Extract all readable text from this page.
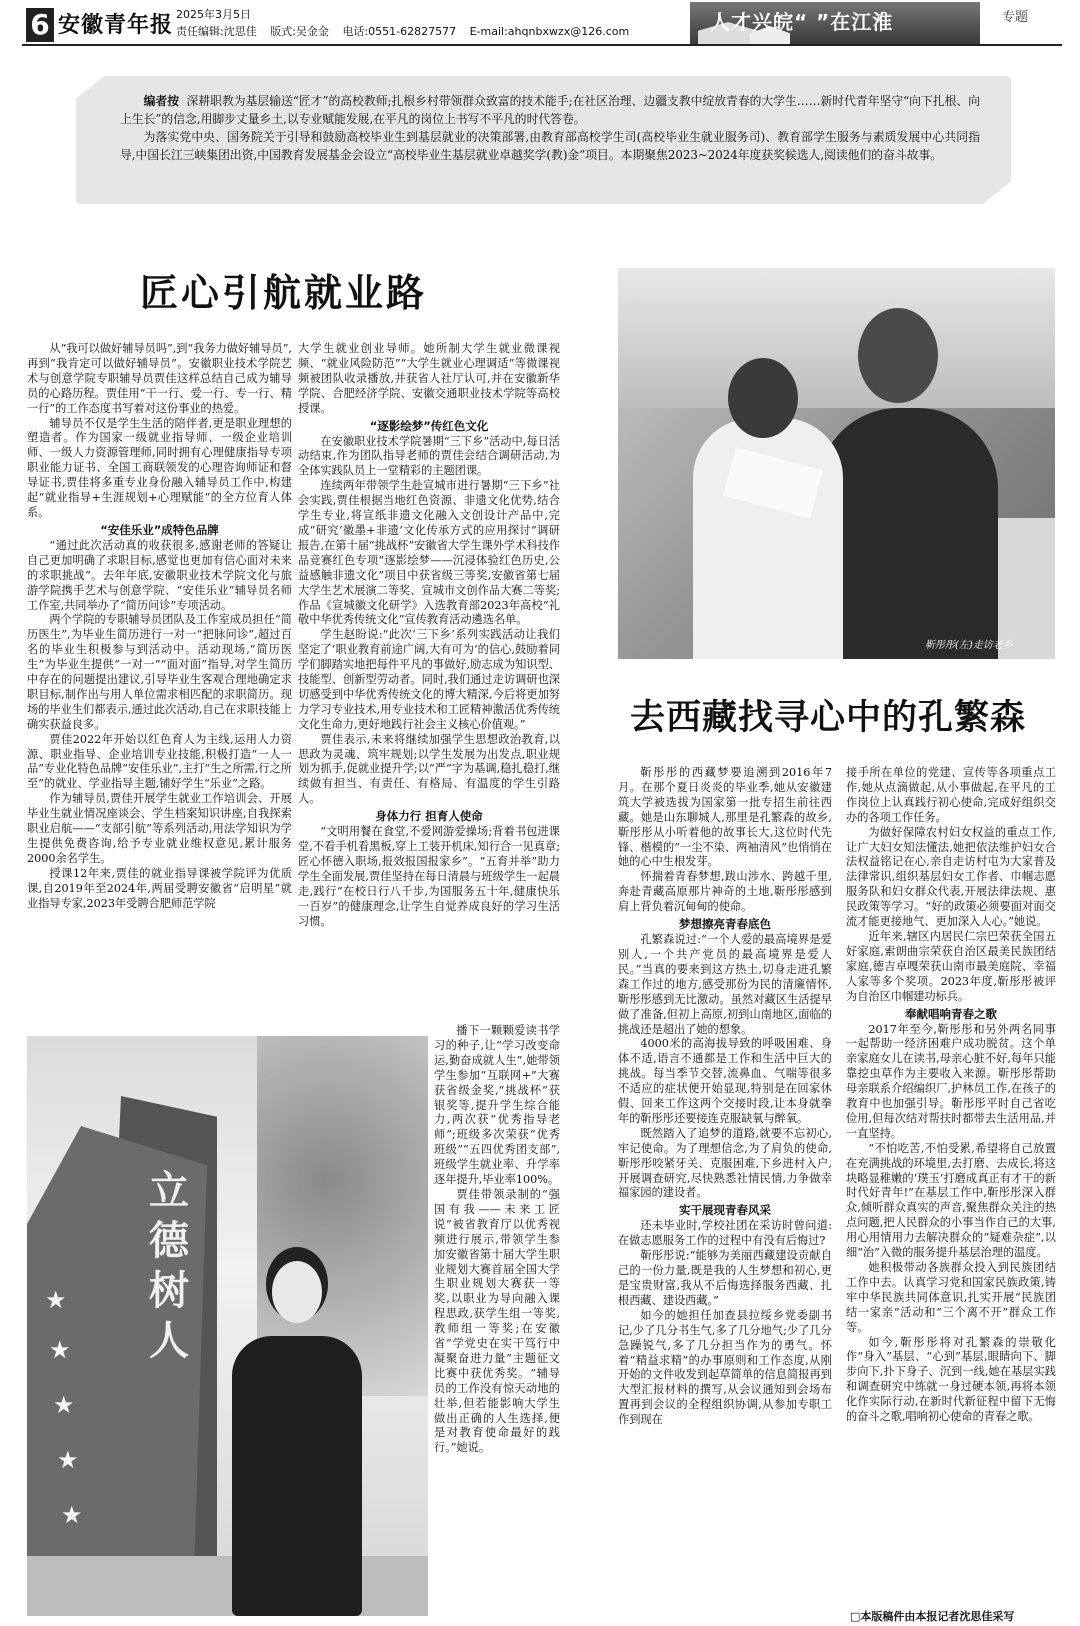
6 安徽青年报 2025年3月5日
责任编辑:沈思佳 版式:吴金金 电话:0551-62827577 E-mail:ahqnbxwzx@126.com	人才兴皖“ ”在江淮	专题

编者按 深耕职教为基层输送“匠才”的高校教师;扎根乡村带领群众致富的技术能手;在社区治理、边疆支教中绽放青春的大学生……新时代青年坚守“向下扎根、向上生长”的信念,用脚步丈量乡土,以专业赋能发展,在平凡的岗位上书写不平凡的时代答卷。

为落实党中央、国务院关于引导和鼓励高校毕业生到基层就业的决策部署,由教育部高校学生司(高校毕业生就业服务司)、教育部学生服务与素质发展中心共同指导,中国长江三峡集团出资,中国教育发展基金会设立“高校毕业生基层就业卓越奖学(教)金”项目。本期聚焦2023~2024年度获奖候选人,阅读他们的奋斗故事。

匠心引航就业路

从“我可以做好辅导员吗”,到“我务力做好辅导员”,再到“我肯定可以做好辅导员”。安徽职业技术学院艺术与创意学院专职辅导员贾佳这样总结自己成为辅导员的心路历程。贾佳用“干一行、爱一行、专一行、精一行”的工作态度书写着对这份事业的热爱。

辅导员不仅是学生生活的陪伴者,更是职业理想的塑造者。作为国家一级就业指导师、一级企业培训师、一级人力资源管理师,同时拥有心理健康指导专项职业能力证书、全国工商联领发的心理咨询师证和督导证书,贾佳将多重专业身份融入辅导员工作中,构建起“就业指导+生涯规划+心理赋能”的全方位育人体系。

“安佳乐业”成特色品牌

“通过此次活动真的收获很多,感谢老师的答疑让自己更加明确了求职目标,感觉也更加有信心面对未来的求职挑战”。去年年底,安徽职业技术学院文化与旅游学院携手艺术与创意学院、“安佳乐业”辅导员名师工作室,共同举办了“简历问诊”专项活动。

两个学院的专职辅导员团队及工作室成员担任“简历医生”,为毕业生简历进行一对一“把脉问诊”,超过百名的毕业生积极参与到活动中。活动现场,“简历医生”为毕业生提供“一对一”“面对面”指导,对学生简历中存在的问题提出建议,引导毕业生客观合理地确定求职目标,制作出与用人单位需求相匹配的求职简历。现场的毕业生们都表示,通过此次活动,自己在求职技能上确实获益良多。

贾佳2022年开始以红色育人为主线,运用人力资源、职业指导、企业培训专业技能,积极打造“一人一品”专业化特色品牌“安佳乐业”,主打“生之所需,行之所至”的就业、学业指导主题,铺好学生“乐业”之路。

作为辅导员,贾佳开展学生就业工作培训会、开展毕业生就业情况座谈会、学生档案知识讲座,自我探索职业启航——“支部引航”等系列活动,用法学知识为学生提供免费咨询,给予专业就业维权意见,累计服务2000余名学生。

授课12年来,贾佳的就业指导课被学院评为优质课,自2019年至2024年,两届受聘安徽省“启明星”就业指导专家,2023年受聘合肥师范学院

大学生就业创业导师。她所制大学生就业微课视频、“就业风险防范”“大学生就业心理调适”等微课视频被团队收录播放,并获省人社厅认可,并在安徽新华学院、合肥经济学院、安徽交通职业技术学院等高校授课。

“逐影绘梦”传红色文化

在安徽职业技术学院暑期“三下乡”活动中,每日活动结束,作为团队指导老师的贾佳会结合调研活动,为全体实践队员上一堂精彩的主题团课。

连续两年带领学生赴宣城市进行暑期“三下乡”社会实践,贾佳根据当地红色资源、非遗文化优势,结合学生专业,将宣纸非遗文化融入文创设计产品中,完成“研究‘徽墨+非遗’文化传承方式的应用探讨”调研报告,在第十届“挑战杯”安徽省大学生课外学术科技作品竞赛红色专项“逐影绘梦——沉浸体验红色历史,公益感触非遗文化”项目中获省级三等奖,安徽省第七届大学生艺术展演二等奖、宣城市文创作品大赛二等奖;作品《宣城徽文化研学》入选教育部2023年高校“礼敬中华优秀传统文化”宣传教育活动遴选名单。

学生赵盼说:“此次‘三下乡’系列实践活动让我们坚定了‘职业教育前途广阔,大有可为’的信心,鼓励着同学们脚踏实地把每件平凡的事做好,励志成为知识型、技能型、创新型劳动者。同时,我们通过走访调研也深切感受到中华优秀传统文化的博大精深,今后将更加努力学习专业技术,用专业技术和工匠精神激活优秀传统文化生命力,更好地践行社会主义核心价值观。”

贾佳表示,未来将继续加强学生思想政治教育,以思政为灵魂、筑牢规划;以学生发展为出发点,职业规划为抓手,促就业提升学;以“严”字为基调,稳扎稳打,继续做有担当、有责任、有格局、有温度的学生引路人。

身体力行 担育人使命

“文明用餐在食堂,不爱网游爱操场;背着书包进课堂,不看手机看黑板,穿上工装开机床,知行合一见真章;匠心怀德入职场,报效报国报家乡”。“五育并举”助力学生全面发展,贾佳坚持在每日清晨与班级学生一起晨走,践行“在校日行八千步,为国服务五十年,健康快乐一百岁”的健康理念,让学生自觉养成良好的学习生活习惯。

播下一颗颗爱读书学习的种子,让“学习改变命运,勤奋成就人生”,她带领学生参加“互联网+”大赛获省级金奖,“挑战杯”获银奖等,提升学生综合能力,两次获“优秀指导老师”;班级多次荣获“优秀班级”“五四优秀团支部”,班级学生就业率、升学率逐年提升,毕业率100%。

贾佳带领录制的“强国有我——未来工匠说”被省教育厅以优秀视频进行展示,带领学生参加安徽省第十届大学生职业规划大赛首届全国大学生职业规划大赛获一等奖,以职业为导向融入课程思政,获学生组一等奖,教师组一等奖;在安徽省“学党史在实干笃行中凝聚奋进力量”主题征文比赛中获优秀奖。“辅导员的工作没有惊天动地的壮举,但若能影响大学生做出正确的人生选择,便是对教育使命最好的践行。”她说。

立德树人
★
★
★
★
★
靳彤彤(左)走访老乡
去西藏找寻心中的孔繁森

靳彤彤的西藏梦要追溯到2016年7月。在那个夏日炎炎的毕业季,她从安徽建筑大学被选拔为国家第一批专招生前往西藏。她是山东聊城人,那里是孔繁森的故乡,靳彤彤从小听着他的故事长大,这位时代先锋、楷模的“一尘不染、两袖清风”也悄悄在她的心中生根发芽。

怀揣着青春梦想,跋山涉水、跨越千里,奔赴青藏高原那片神奇的土地,靳彤彤感到肩上背负着沉甸甸的使命。

梦想擦亮青春底色

孔繁森说过:“一个人爱的最高境界是爱别人,一个共产党员的最高境界是爱人民。”当真的要来到这方热土,切身走进孔繁森工作过的地方,感受那份为民的清廉情怀,靳彤彤感到无比激动。虽然对藏区生活提早做了准备,但初上高原,初到山南地区,面临的挑战还是超出了她的想象。

4000米的高海拔导致的呼吸困难、身体不适,语言不通都是工作和生活中巨大的挑战。每当季节交替,流鼻血、气喘等很多不适应的症状便开始显现,特别是在回家休假、回来工作这两个交接时段,让本身就拳年的靳彤彤还要接连克服缺氧与醉氧。

既然踏入了追梦的道路,就要不忘初心,牢记使命。为了理想信念,为了肩负的使命,靳彤彤咬紧牙关、克服困难,下乡进村入户,开展调查研究,尽快熟悉社情民情,力争做幸福家园的建设者。

实干展现青春风采

还未毕业时,学校社团在采访时曾问道:在做志愿服务工作的过程中有没有后悔过?

靳彤彤说:“能够为美丽西藏建设贡献自己的一份力量,既是我的人生梦想和初心,更是宝贵财富,我从不后悔选择服务西藏、扎根西藏、建设西藏。”

如今的她担任加查县拉绥乡党委副书记,少了几分书生气,多了几分地气;少了几分急躁锐气,多了几分担当作为的勇气。怀着“精益求精”的办事原则和工作态度,从刚开始的文件收发到起草简单的信息简报再到大型汇报材料的撰写,从会议通知到会场布置再到会议的全程组织协调,从参加专职工作到现在

接手所在单位的党建、宣传等各项重点工作,她从点滴做起,从小事做起,在平凡的工作岗位上认真践行初心使命,完成好组织交办的各项工作任务。

为做好保障农村妇女权益的重点工作,让广大妇女知法懂法,她把依法维护妇女合法权益铭记在心,亲自走访村屯为大家普及法律常识,组织基层妇女工作者、巾帼志愿服务队和妇女群众代表,开展法律法规、惠民政策等学习。“好的政策必须要面对面交流才能更接地气、更加深入人心。”她说。

近年来,辖区内居民仁宗巴荣获全国五好家庭,索朗曲宗荣获自治区最美民族团结家庭,德吉卓嘎荣获山南市最美庭院、幸福人家等多个奖项。2023年度,靳彤彤被评为自治区巾帼建功标兵。

奉献唱响青春之歌

2017年至今,靳彤彤和另外两名同事一起帮助一经济困难户成功脱贫。这个单亲家庭女儿在读书,母亲心脏不好,每年只能靠挖虫草作为主要收入来源。靳彤彤帮助母亲联系介绍编织厂,护林员工作,在孩子的教育中也加强引导。靳彤彤平时自己省吃俭用,但每次结对帮扶时都带去生活用品,并一直坚持。

“不怕吃苦,不怕受累,希望将自己放置在充满挑战的环境里,去打磨、去成长,将这块略显稚嫩的‘璞玉’打磨成真正有才干的新时代好青年!”在基层工作中,靳彤彤深入群众,倾听群众真实的声音,聚焦群众关注的热点问题,把人民群众的小事当作自己的大事,用心用情用力去解决群众的“疑难杂症”,以细“治”入微的服务提升基层治理的温度。

她积极带动各族群众投入到民族团结工作中去。认真学习党和国家民族政策,铸牢中华民族共同体意识,扎实开展“民族团结一家亲”活动和“三个离不开”群众工作等。

如今,靳彤彤将对孔繁森的崇敬化作“身入”基层、“心到”基层,眼睛向下、脚步向下,扑下身子、沉到一线,她在基层实践和调查研究中练就一身过硬本领,再将本领化作实际行动,在新时代新征程中留下无悔的奋斗之歌,唱响初心使命的青春之歌。

□本版稿件由本报记者沈思佳采写
